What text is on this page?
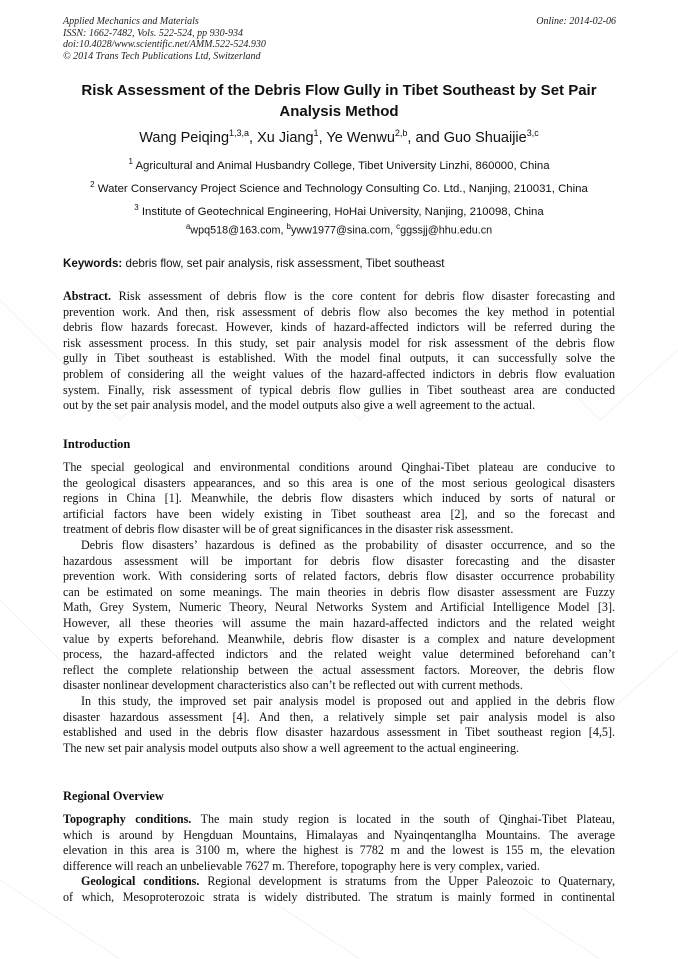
Applied Mechanics and Materials
ISSN: 1662-7482, Vols. 522-524, pp 930-934
doi:10.4028/www.scientific.net/AMM.522-524.930
© 2014 Trans Tech Publications Ltd, Switzerland
Online: 2014-02-06
Risk Assessment of the Debris Flow Gully in Tibet Southeast by Set Pair
Analysis Method
Wang Peiqing$^{1,3,a}$, Xu Jiang$^1$, Ye Wenwu$^{2,b}$, and Guo Shuaijie$^{3,c}$
$^1$ Agricultural and Animal Husbandry College, Tibet University Linzhi, 860000, China
$^2$ Water Conservancy Project Science and Technology Consulting Co. Ltd., Nanjing, 210031, China
$^3$ Institute of Geotechnical Engineering, HoHai University, Nanjing, 210098, China
$^a$wpq518@163.com, $^b$yww1977@sina.com, $^c$ggssjj@hhu.edu.cn
Keywords: debris flow, set pair analysis, risk assessment, Tibet southeast
Abstract. Risk assessment of debris flow is the core content for debris flow disaster forecasting and
prevention work. And then, risk assessment of debris flow also becomes the key method in potential
debris flow hazards forecast. However, kinds of hazard-affected indictors will be referred during the
risk assessment process. In this study, set pair analysis model for risk assessment of the debris flow
gully in Tibet southeast is established. With the model final outputs, it can successfully solve the
problem of considering all the weight values of the hazard-affected indictors in debris flow evaluation
system. Finally, risk assessment of typical debris flow gullies in Tibet southeast area are conducted
out by the set pair analysis model, and the model outputs also give a well agreement to the actual.
Introduction
The special geological and environmental conditions around Qinghai-Tibet plateau are conducive to
the geological disasters appearances, and so this area is one of the most serious geological disasters
regions in China [1]. Meanwhile, the debris flow disasters which induced by sorts of natural or
artificial factors have been widely existing in Tibet southeast area [2], and so the forecast and
treatment of debris flow disaster will be of great significances in the disaster risk assessment.
Debris flow disasters’ hazardous is defined as the probability of disaster occurrence, and so the
hazardous assessment will be important for debris flow disaster forecasting and the disaster
prevention work. With considering sorts of related factors, debris flow disaster occurrence probability
can be estimated on some meanings. The main theories in debris flow disaster assessment are Fuzzy
Math, Grey System, Numeric Theory, Neural Networks System and Artificial Intelligence Model [3].
However, all these theories will assume the main hazard-affected indictors and the related weight
value by experts beforehand. Meanwhile, debris flow disaster is a complex and nature development
process, the hazard-affected indictors and the related weight value determined beforehand can’t
reflect the complete relationship between the actual assessment factors. Moreover, the debris flow
disaster nonlinear development characteristics also can’t be reflected out with current methods.
In this study, the improved set pair analysis model is proposed out and applied in the debris flow
disaster hazardous assessment [4]. And then, a relatively simple set pair analysis model is also
established and used in the debris flow disaster hazardous assessment in Tibet southeast region [4,5].
The new set pair analysis model outputs also show a well agreement to the actual engineering.
Regional Overview
Topography conditions. The main study region is located in the south of Qinghai-Tibet Plateau,
which is around by Hengduan Mountains, Himalayas and Nyainqentanglha Mountains. The average
elevation in this area is 3100 m, where the highest is 7782 m and the lowest is 155 m, the elevation
difference will reach an unbelievable 7627 m. Therefore, topography here is very complex, varied.
Geological conditions. Regional development is stratums from the Upper Paleozoic to Quaternary,
of which, Mesoproterozoic strata is widely distributed. The stratum is mainly formed in continental
